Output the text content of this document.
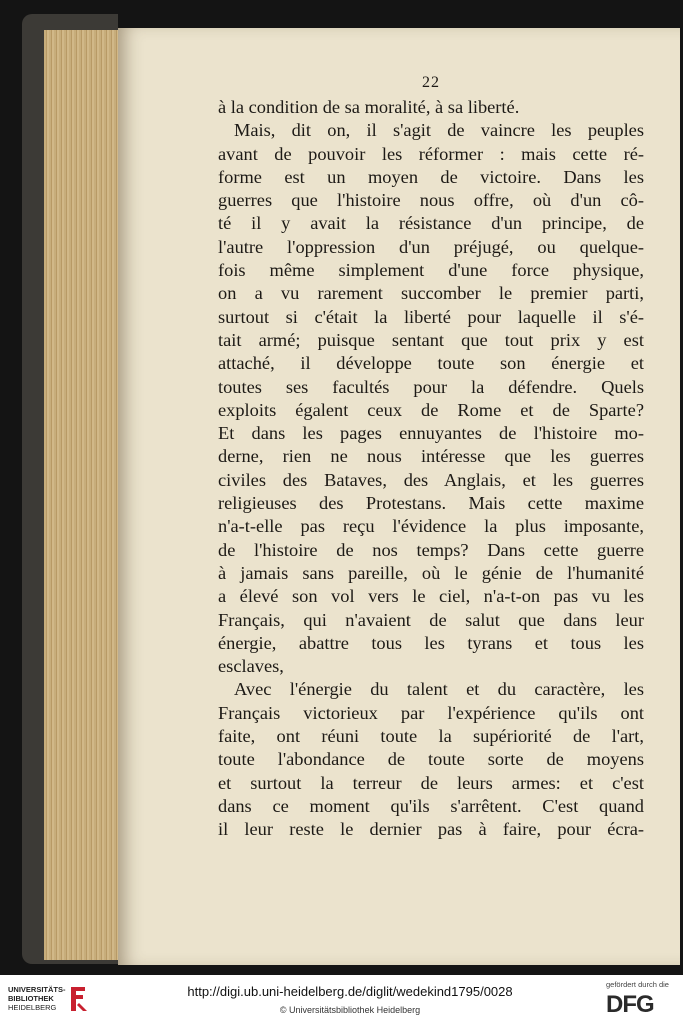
22
à la condition de sa moralité, à sa liberté.
Mais, dit on, il s'agit de vaincre les peuples
avant de pouvoir les réformer : mais cette ré-
forme est un moyen de victoire. Dans les
guerres que l'histoire nous offre, où d'un cô-
té il y avait la résistance d'un principe, de
l'autre l'oppression d'un préjugé, ou quelque-
fois même simplement d'une force physique,
on a vu rarement succomber le premier parti,
surtout si c'était la liberté pour laquelle il s'é-
tait armé; puisque sentant que tout prix y est
attaché, il développe toute son énergie et
toutes ses facultés pour la défendre. Quels
exploits égalent ceux de Rome et de Sparte?
Et dans les pages ennuyantes de l'histoire mo-
derne, rien ne nous intéresse que les guerres
civiles des Bataves, des Anglais, et les guerres
religieuses des Protestans. Mais cette maxime
n'a-t-elle pas reçu l'évidence la plus imposante,
de l'histoire de nos temps? Dans cette guerre
à jamais sans pareille, où le génie de l'humanité
a élevé son vol vers le ciel, n'a-t-on pas vu les
Français, qui n'avaient de salut que dans leur
énergie, abattre tous les tyrans et tous les
esclaves,
Avec l'énergie du talent et du caractère, les
Français victorieux par l'expérience qu'ils ont
faite, ont réuni toute la supériorité de l'art,
toute l'abondance de toute sorte de moyens
et surtout la terreur de leurs armes: et c'est
dans ce moment qu'ils s'arrêtent. C'est quand
il leur reste le dernier pas à faire, pour écra-
UNIVERSITÄTS-
BIBLIOTHEK
HEIDELBERG
http://digi.ub.uni-heidelberg.de/diglit/wedekind1795/0028
© Universitätsbibliothek Heidelberg
gefördert durch die
DFG
